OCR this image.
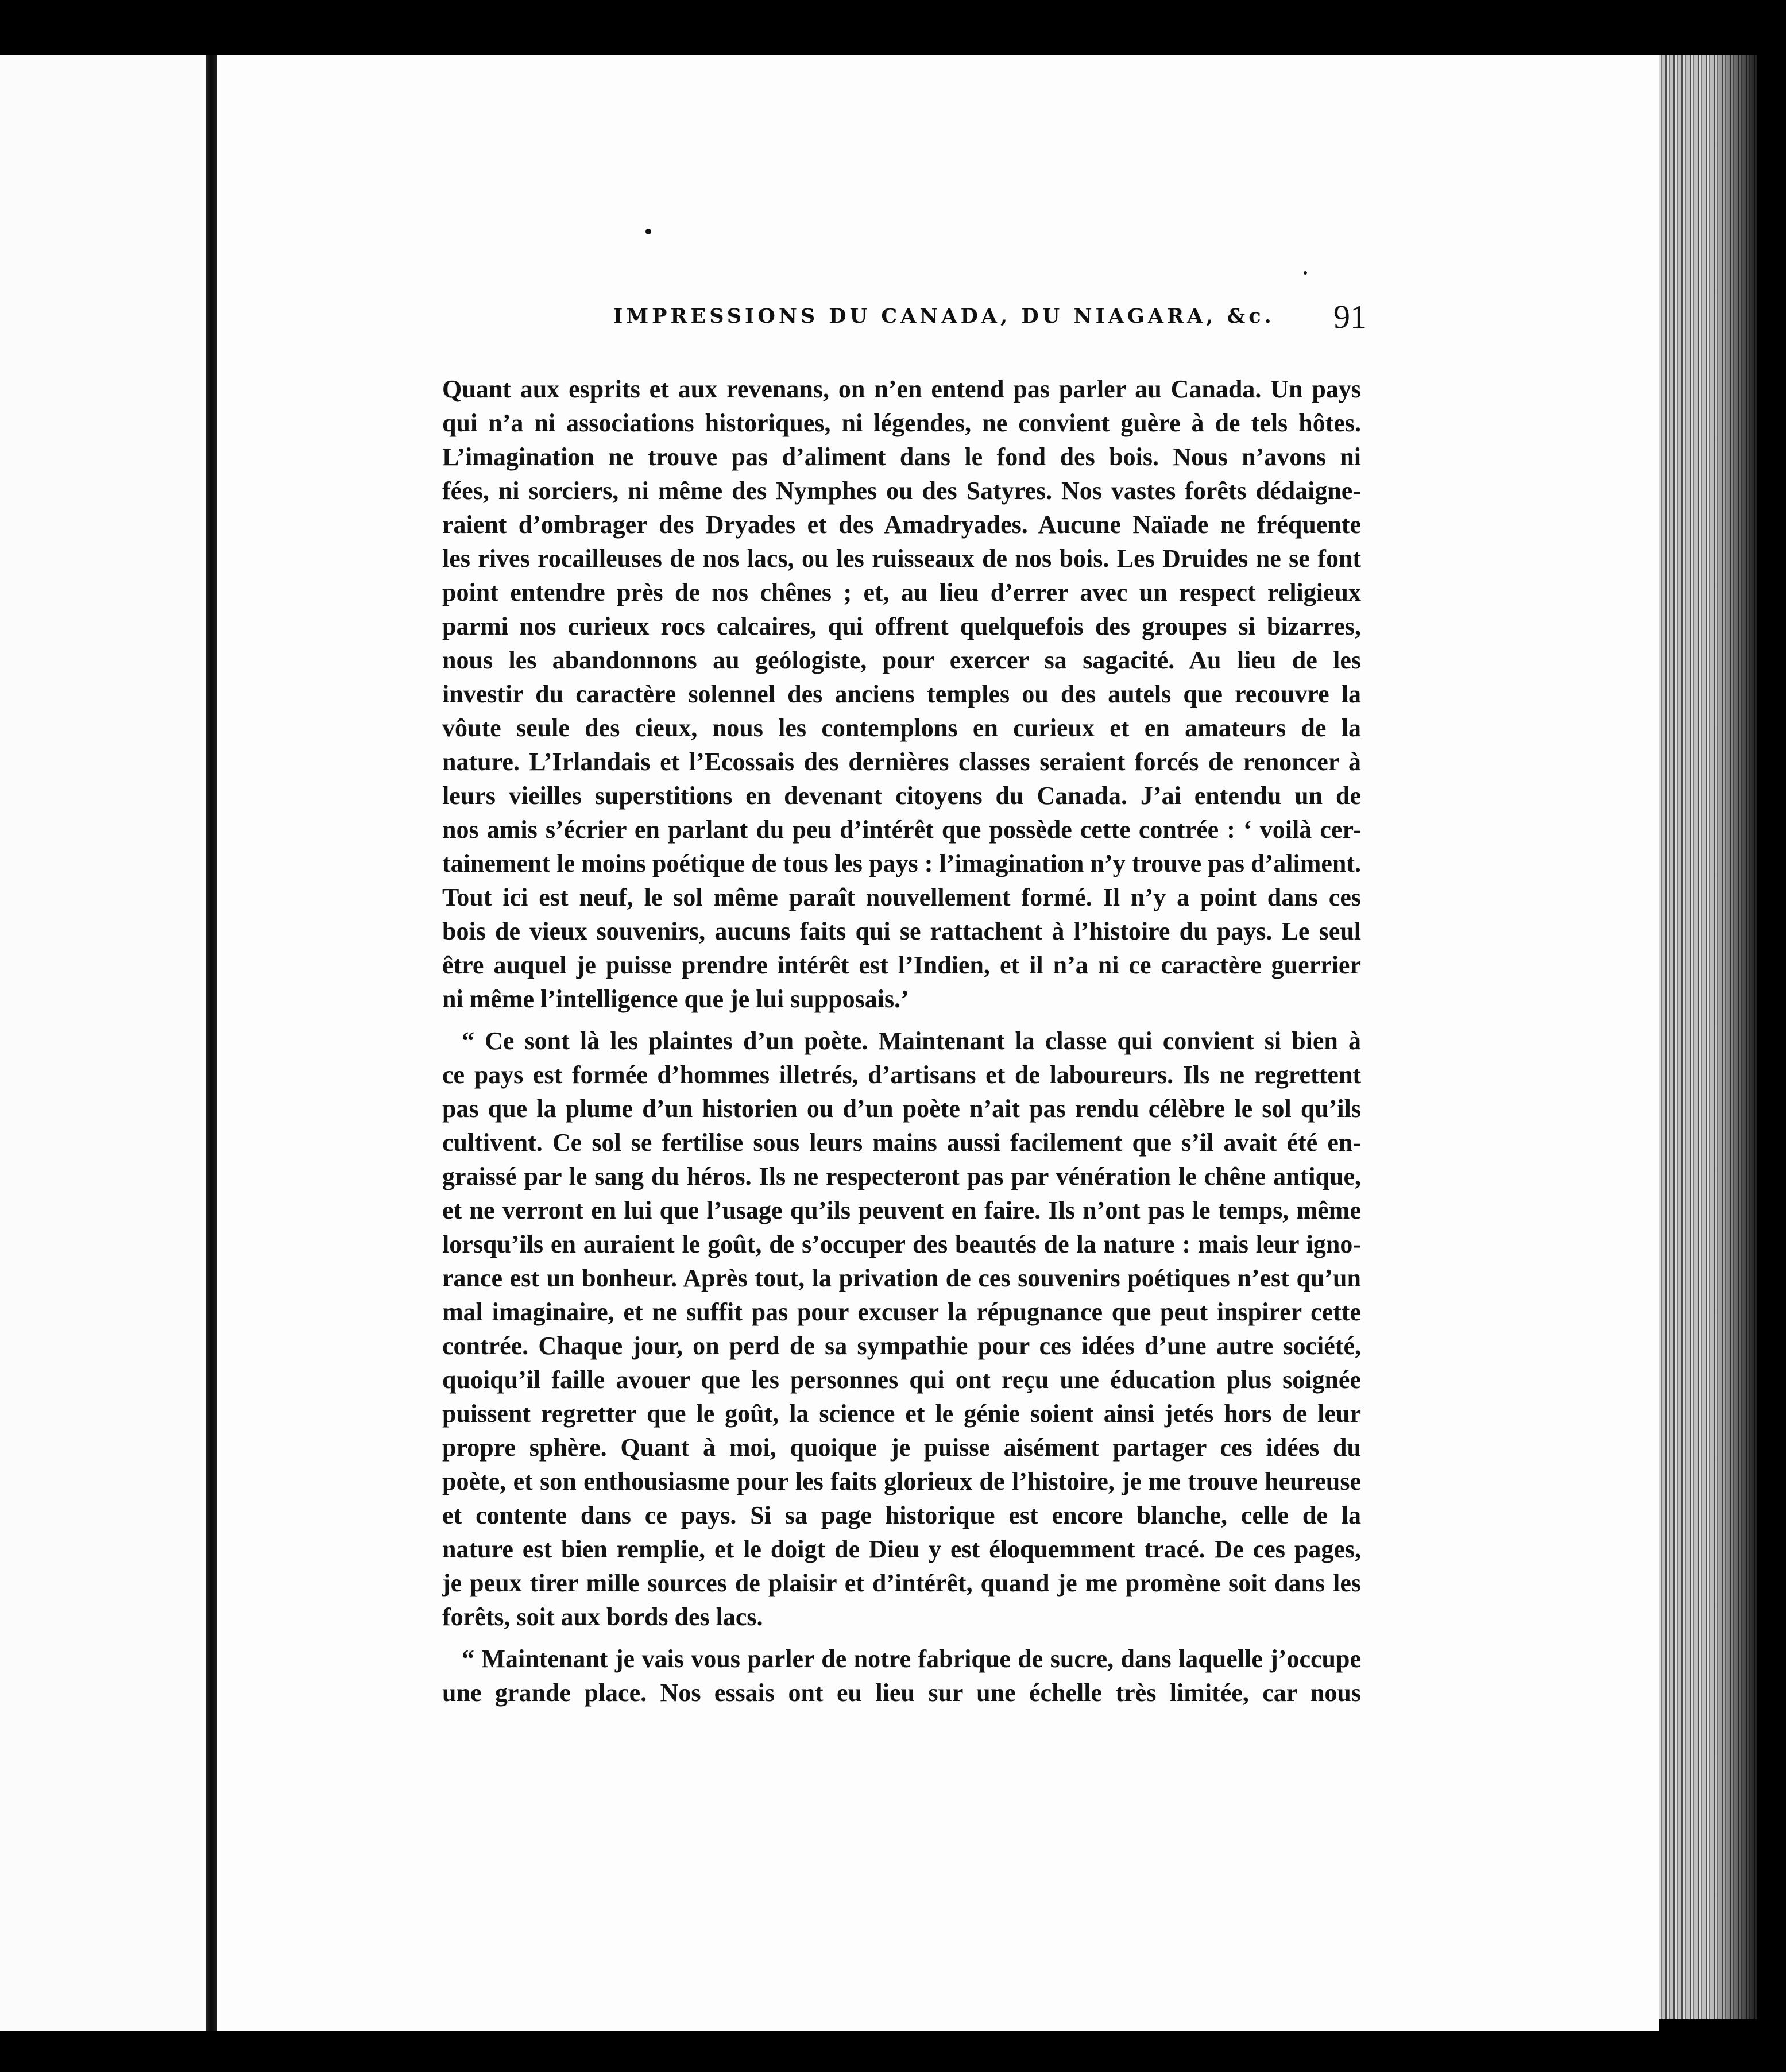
IMPRESSIONS DU CANADA, DU NIAGARA, &c.	91
Quant aux esprits et aux revenans, on n’en entend pas parler au Canada. Un pays
qui n’a ni associations historiques, ni légendes, ne convient guère à de tels hôtes.
L’imagination ne trouve pas d’aliment dans le fond des bois. Nous n’avons ni
fées, ni sorciers, ni même des Nymphes ou des Satyres. Nos vastes forêts dédaigne-
raient d’ombrager des Dryades et des Amadryades. Aucune Naïade ne fréquente
les rives rocailleuses de nos lacs, ou les ruisseaux de nos bois. Les Druides ne se font
point entendre près de nos chênes ; et, au lieu d’errer avec un respect religieux
parmi nos curieux rocs calcaires, qui offrent quelquefois des groupes si bizarres,
nous les abandonnons au geólogiste, pour exercer sa sagacité. Au lieu de les
investir du caractère solennel des anciens temples ou des autels que recouvre la
vôute seule des cieux, nous les contemplons en curieux et en amateurs de la
nature. L’Irlandais et l’Ecossais des dernières classes seraient forcés de renoncer à
leurs vieilles superstitions en devenant citoyens du Canada. J’ai entendu un de
nos amis s’écrier en parlant du peu d’intérêt que possède cette contrée : ‘ voilà cer-
tainement le moins poétique de tous les pays : l’imagination n’y trouve pas d’aliment.
Tout ici est neuf, le sol même paraît nouvellement formé. Il n’y a point dans ces
bois de vieux souvenirs, aucuns faits qui se rattachent à l’histoire du pays. Le seul
être auquel je puisse prendre intérêt est l’Indien, et il n’a ni ce caractère guerrier
ni même l’intelligence que je lui supposais.’
“ Ce sont là les plaintes d’un poète. Maintenant la classe qui convient si bien à
ce pays est formée d’hommes illetrés, d’artisans et de laboureurs. Ils ne regrettent
pas que la plume d’un historien ou d’un poète n’ait pas rendu célèbre le sol qu’ils
cultivent. Ce sol se fertilise sous leurs mains aussi facilement que s’il avait été en-
graissé par le sang du héros. Ils ne respecteront pas par vénération le chêne antique,
et ne verront en lui que l’usage qu’ils peuvent en faire. Ils n’ont pas le temps, même
lorsqu’ils en auraient le goût, de s’occuper des beautés de la nature : mais leur igno-
rance est un bonheur. Après tout, la privation de ces souvenirs poétiques n’est qu’un
mal imaginaire, et ne suffit pas pour excuser la répugnance que peut inspirer cette
contrée. Chaque jour, on perd de sa sympathie pour ces idées d’une autre société,
quoiqu’il faille avouer que les personnes qui ont reçu une éducation plus soignée
puissent regretter que le goût, la science et le génie soient ainsi jetés hors de leur
propre sphère. Quant à moi, quoique je puisse aisément partager ces idées du
poète, et son enthousiasme pour les faits glorieux de l’histoire, je me trouve heureuse
et contente dans ce pays. Si sa page historique est encore blanche, celle de la
nature est bien remplie, et le doigt de Dieu y est éloquemment tracé. De ces pages,
je peux tirer mille sources de plaisir et d’intérêt, quand je me promène soit dans les
forêts, soit aux bords des lacs.
“ Maintenant je vais vous parler de notre fabrique de sucre, dans laquelle j’occupe
une grande place. Nos essais ont eu lieu sur une échelle très limitée, car nous
